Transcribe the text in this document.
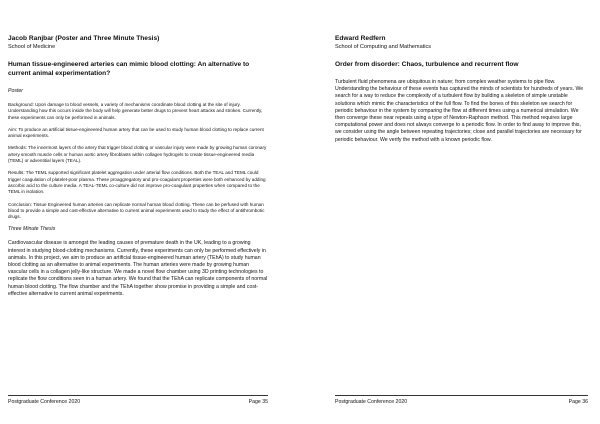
Jacob Ranjbar (Poster and Three Minute Thesis)
School of Medicine
Human tissue-engineered arteries can mimic blood clotting: An alternative to current animal experimentation?
Poster

Background: Upon damage to blood vessels, a variety of mechanisms coordinate blood clotting at the site of injury. Understanding how this occurs inside the body will help generate better drugs to prevent heart attacks and strokes. Currently, these experiments can only be performed in animals.

Aim: To produce an artificial tissue-engineered human artery that can be used to study human blood clotting to replace current animal experiments.

Methods: The innermost layers of the artery that trigger blood clotting or vascular injury were made by growing human coronary artery smooth muscle cells or human aortic artery fibroblasts within collagen hydrogels to create tissue-engineered media (TEML) or adventitial layers (TEAL).

Results: The TEML supported significant platelet aggregation under arterial flow conditions. Both the TEAL and TEML could trigger coagulation of platelet-poor plasma. These proaggregatory and pro-coagulant properties were both enhanced by adding ascorbic acid to the culture media. A TEAL-TEML co-culture did not improve pro-coagulant properties when compared to the TEML in isolation.

Conclusion: Tissue Engineered human arteries can replicate normal human blood clotting. These can be perfused with human blood to provide a simple and cost-effective alternative to current animal experiments used to study the effect of antithrombotic drugs.

Three Minute Thesis

Cardiovascular disease is amongst the leading causes of premature death in the UK, leading to a growing interest in studying blood-clotting mechanisms. Currently, these experiments can only be performed effectively in animals. In this project, we aim to produce an artificial tissue-engineered human artery (TEhA) to study human blood clotting as an alternative to animal experiments. The human arteries were made by growing human vascular cells in a collagen jelly-like structure. We made a novel flow chamber using 3D printing technologies to replicate the flow conditions seen in a human artery. We found that the TEhA can replicate components of normal human blood clotting. The flow chamber and the TEhA together show promise in providing a simple and cost-effective alternative to current animal experiments.

Postgraduate Conference 2020	Page 35
Edward Redfern
School of Computing and Mathematics
Order from disorder: Chaos, turbulence and recurrent flow

Turbulent fluid phenomena are ubiquitous in nature; from complex weather systems to pipe flow. Understanding the behaviour of these events has captured the minds of scientists for hundreds of years. We search for a way to reduce the complexity of a turbulent flow by building a skeleton of simple unstable solutions which mimic the characteristics of the full flow. To find the bones of this skeleton we search for periodic behaviour in the system by comparing the flow at different times using a numerical simulation. We then converge these near repeats using a type of Newton-Raphson method. This method requires large computational power and does not always converge to a periodic flow. In order to find away to improve this, we consider using the angle between repeating trajectories; close and parallel trajectories are necessary for periodic behaviour. We verify the method with a known periodic flow.

Postgraduate Conference 2020	Page 36
